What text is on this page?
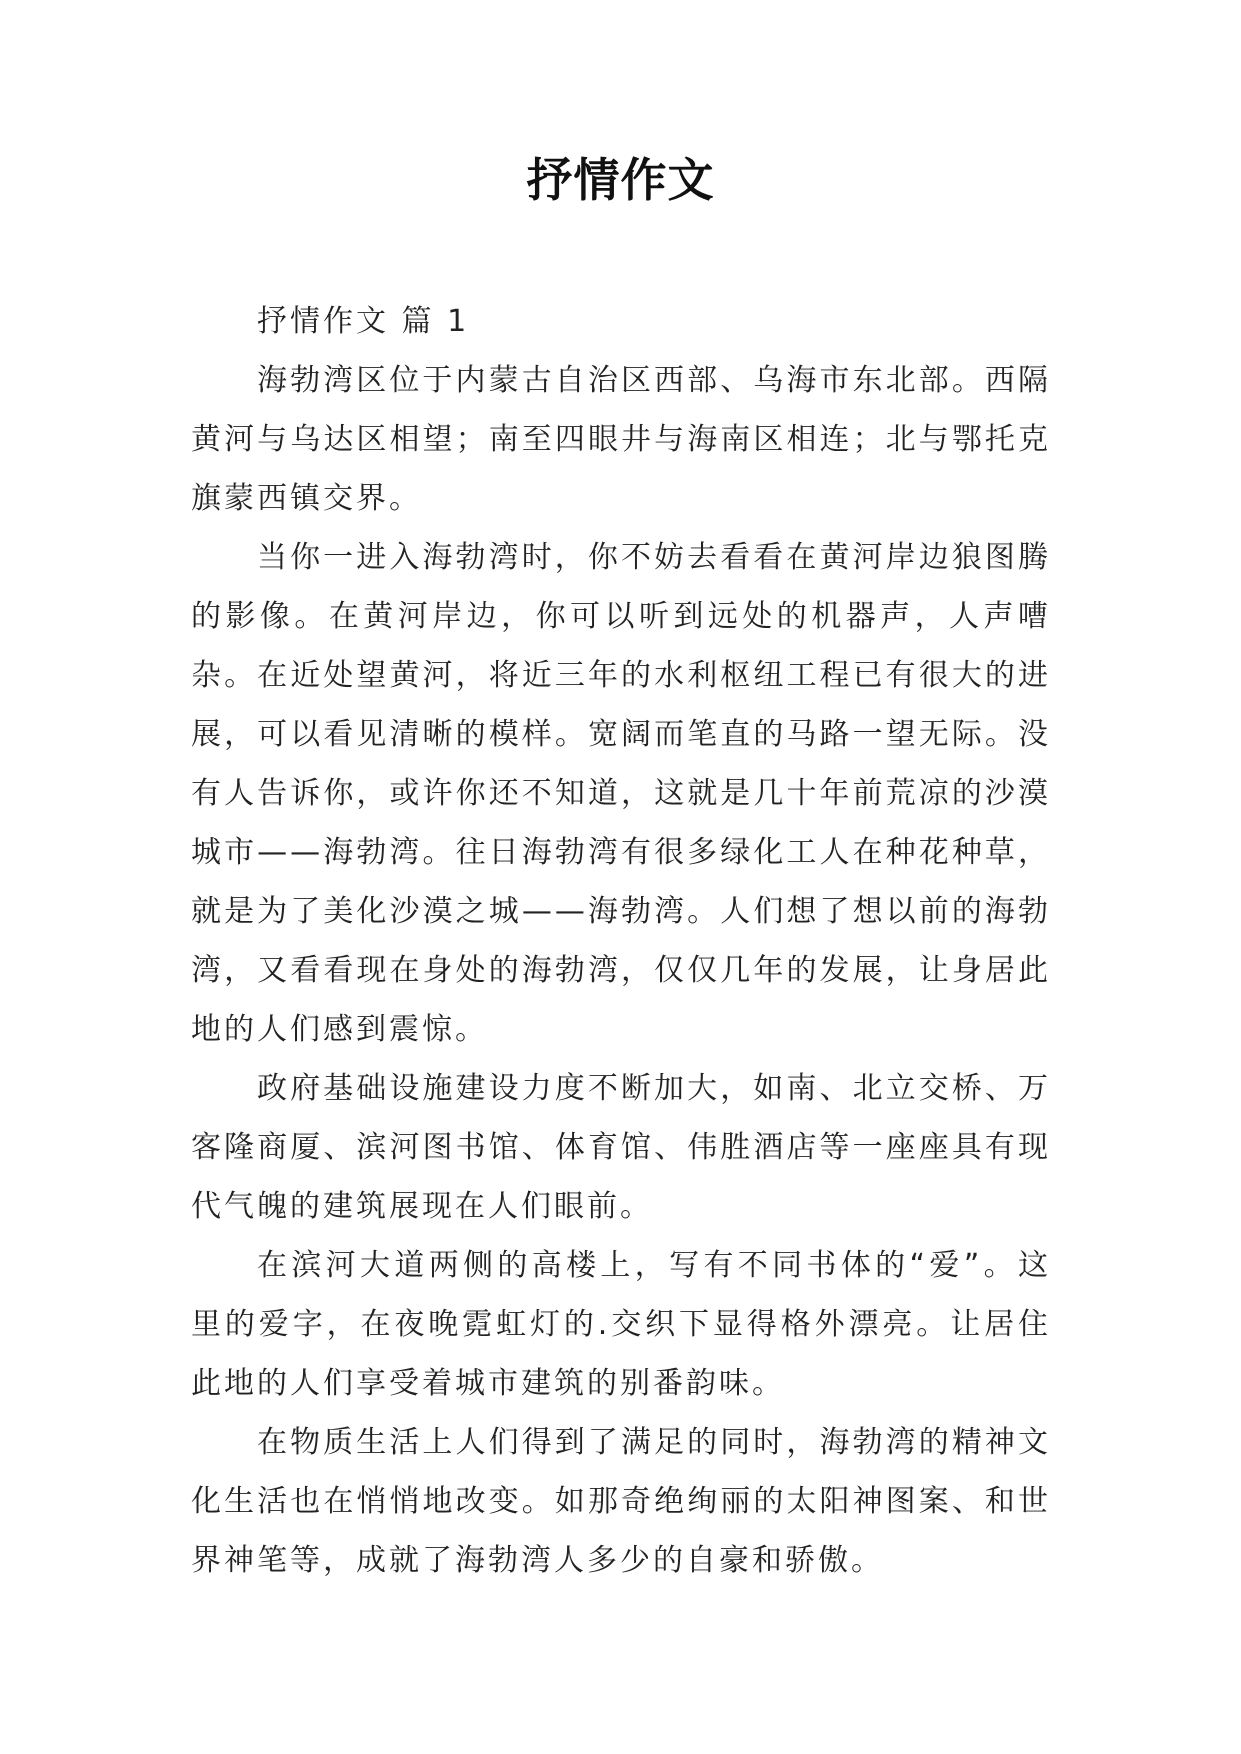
抒情作文

抒情作文 篇 1

海勃湾区位于内蒙古自治区西部、乌海市东北部。西隔黄河与乌达区相望；南至四眼井与海南区相连；北与鄂托克旗蒙西镇交界。

当你一进入海勃湾时，你不妨去看看在黄河岸边狼图腾的影像。在黄河岸边，你可以听到远处的机器声，人声嘈杂。在近处望黄河，将近三年的水利枢纽工程已有很大的进展，可以看见清晰的模样。宽阔而笔直的马路一望无际。没有人告诉你，或许你还不知道，这就是几十年前荒凉的沙漠城市——海勃湾。往日海勃湾有很多绿化工人在种花种草，就是为了美化沙漠之城——海勃湾。人们想了想以前的海勃湾，又看看现在身处的海勃湾，仅仅几年的发展，让身居此地的人们感到震惊。

政府基础设施建设力度不断加大，如南、北立交桥、万客隆商厦、滨河图书馆、体育馆、伟胜酒店等一座座具有现代气魄的建筑展现在人们眼前。

在滨河大道两侧的高楼上，写有不同书体的“爱”。这里的爱字，在夜晚霓虹灯的.交织下显得格外漂亮。让居住此地的人们享受着城市建筑的别番韵味。

在物质生活上人们得到了满足的同时，海勃湾的精神文化生活也在悄悄地改变。如那奇绝绚丽的太阳神图案、和世界神笔等，成就了海勃湾人多少的自豪和骄傲。
